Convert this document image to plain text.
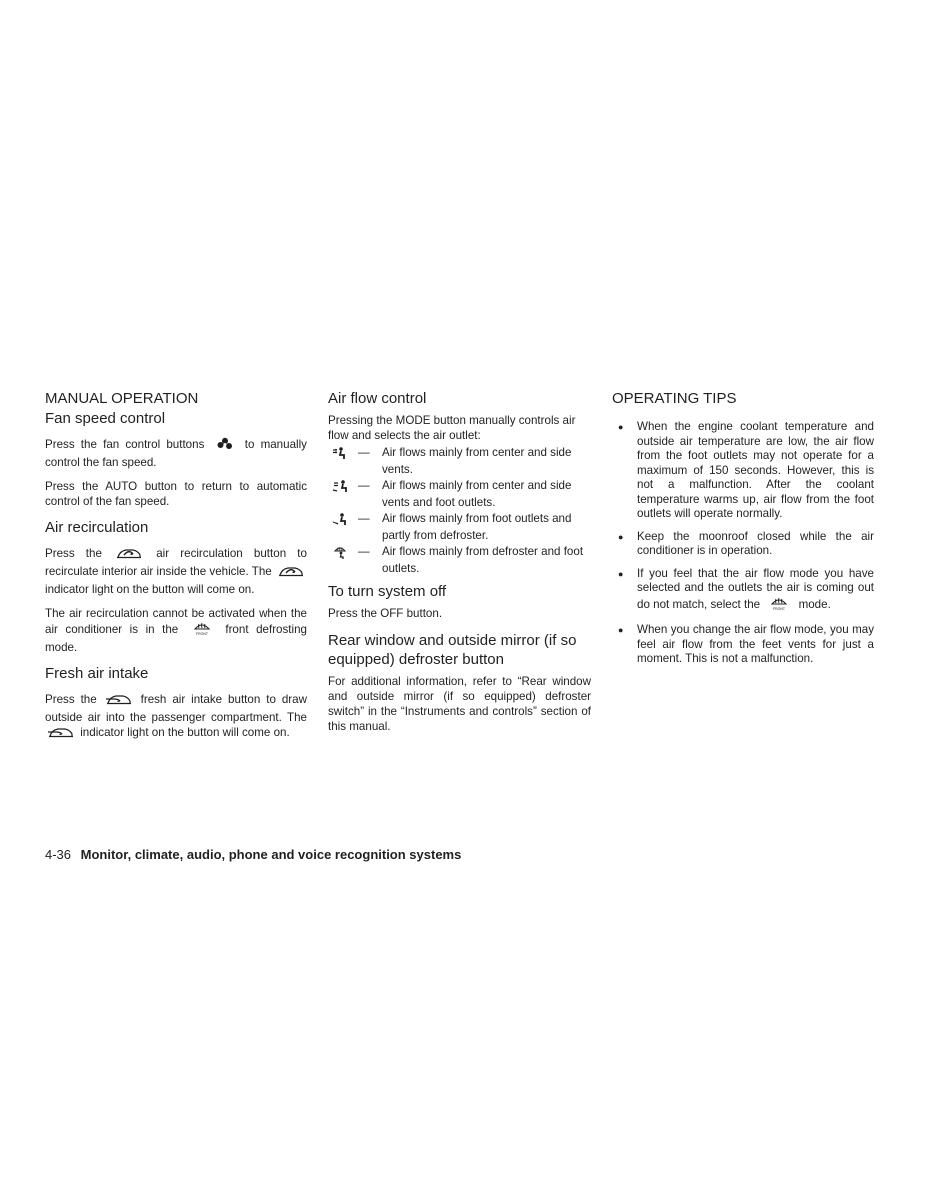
MANUAL OPERATION
Fan speed control

Press the fan control buttons	to manually control the fan speed.

Press the AUTO button to return to automatic control of the fan speed.

Air recirculation

Press the	air recirculation button to recirculate interior air inside the vehicle. The  indicator light on the button will come on.

The air recirculation cannot be activated when the air conditioner is in the	FRONT front defrosting mode.

Fresh air intake

Press the	fresh air intake button to draw outside air into the passenger compartment. The  indicator light on the button will come on.

Air flow control

Pressing the MODE button manually controls air flow and selects the air outlet:

—	Air flows mainly from center and side vents.
—	Air flows mainly from center and side vents and foot outlets.
—	Air flows mainly from foot outlets and partly from defroster.
—	Air flows mainly from defroster and foot outlets.
To turn system off

Press the OFF button.

Rear window and outside mirror (if so equipped) defroster button

For additional information, refer to “Rear window and outside mirror (if so equipped) defroster switch” in the “Instruments and controls” section of this manual.

OPERATING TIPS
●	When the engine coolant temperature and outside air temperature are low, the air flow from the foot outlets may not operate for a maximum of 150 seconds. However, this is not a malfunction. After the coolant temperature warms up, air flow from the foot outlets will operate normally.
●	Keep the moonroof closed while the air conditioner is in operation.
●	If you feel that the air flow mode you have selected and the outlets the air is coming out do not match, select the	FRONT mode.
●	When you change the air flow mode, you may feel air flow from the feet vents for just a moment. This is not a malfunction.
4-36 Monitor, climate, audio, phone and voice recognition systems
